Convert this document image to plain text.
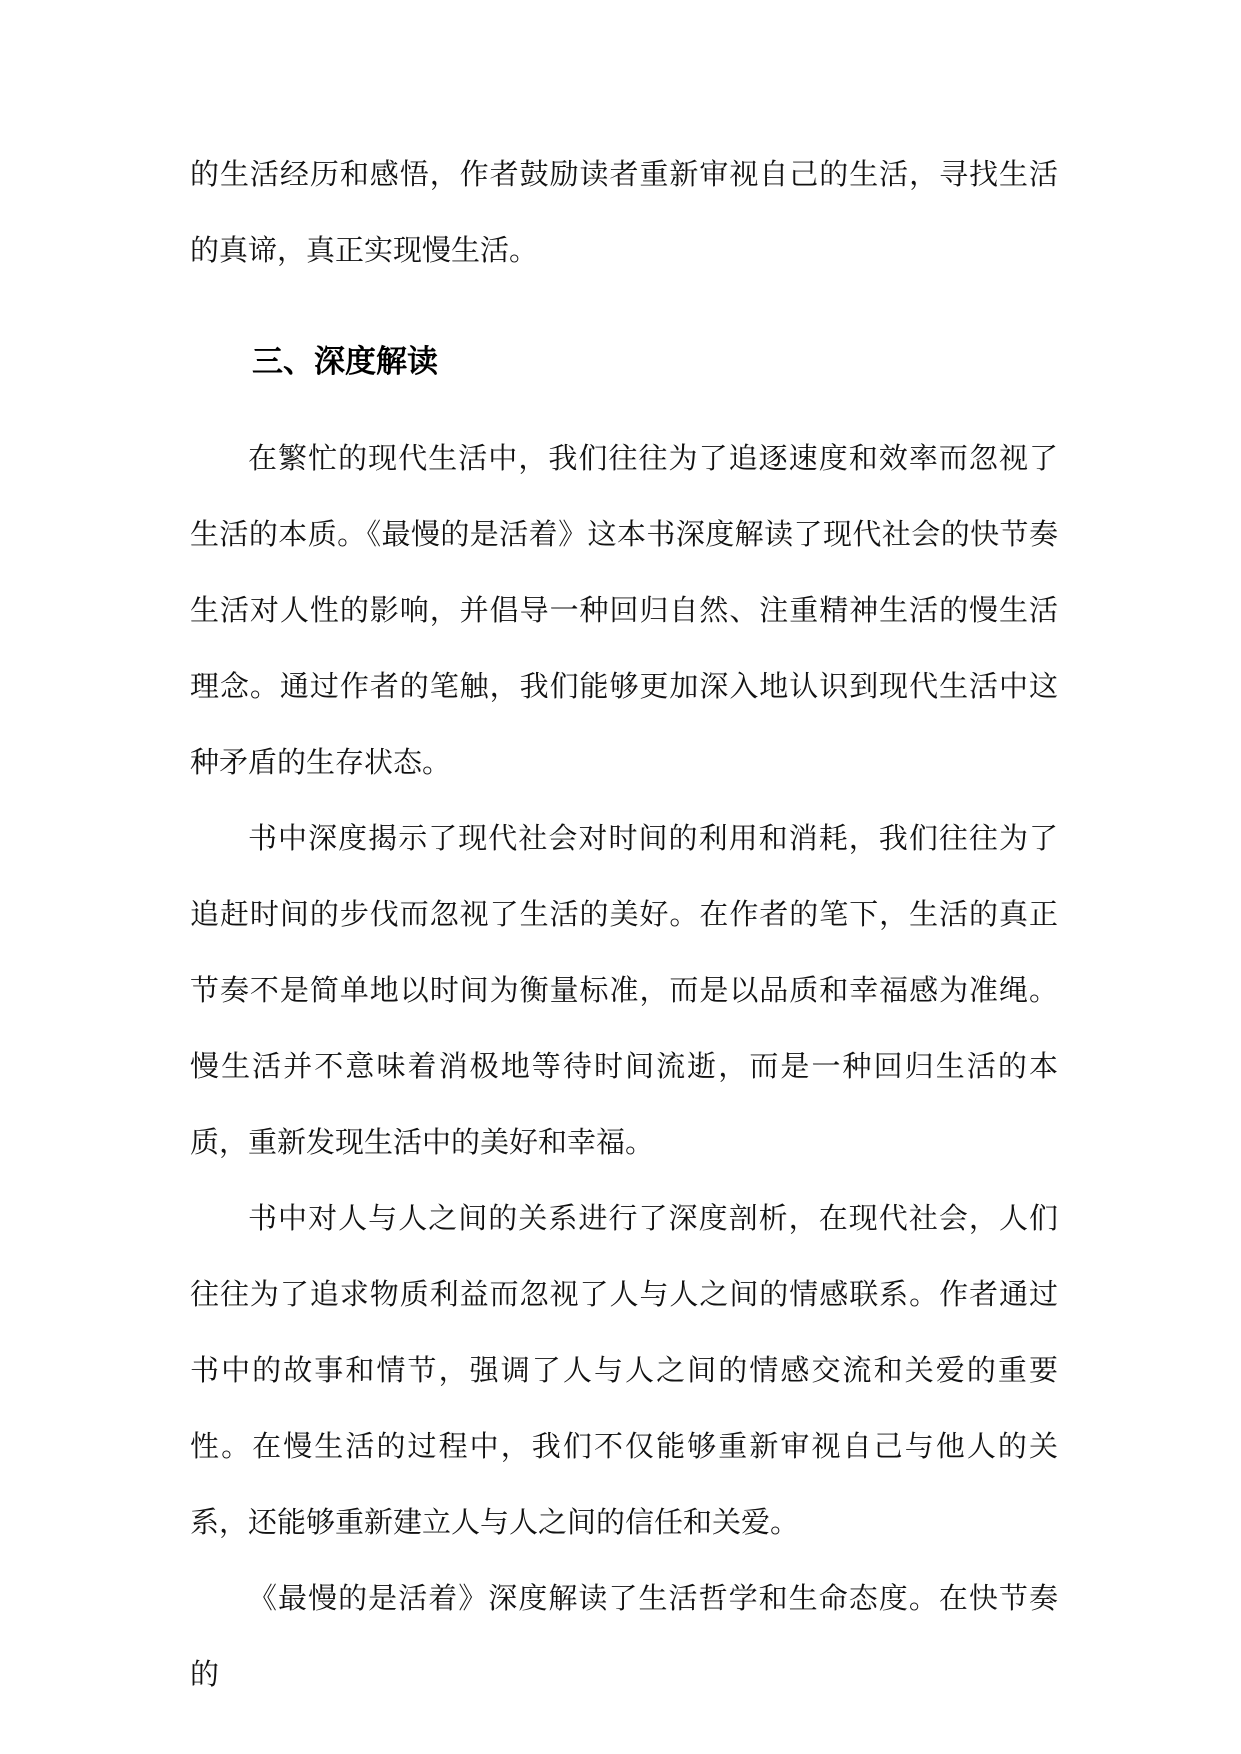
的生活经历和感悟，作者鼓励读者重新审视自己的生活，寻找生活的真谛，真正实现慢生活。

三、深度解读

在繁忙的现代生活中，我们往往为了追逐速度和效率而忽视了生活的本质。《最慢的是活着》这本书深度解读了现代社会的快节奏生活对人性的影响，并倡导一种回归自然、注重精神生活的慢生活理念。通过作者的笔触，我们能够更加深入地认识到现代生活中这种矛盾的生存状态。

书中深度揭示了现代社会对时间的利用和消耗，我们往往为了追赶时间的步伐而忽视了生活的美好。在作者的笔下，生活的真正节奏不是简单地以时间为衡量标准，而是以品质和幸福感为准绳。慢生活并不意味着消极地等待时间流逝，而是一种回归生活的本质，重新发现生活中的美好和幸福。

书中对人与人之间的关系进行了深度剖析，在现代社会，人们往往为了追求物质利益而忽视了人与人之间的情感联系。作者通过书中的故事和情节，强调了人与人之间的情感交流和关爱的重要性。在慢生活的过程中，我们不仅能够重新审视自己与他人的关系，还能够重新建立人与人之间的信任和关爱。

《最慢的是活着》深度解读了生活哲学和生命态度。在快节奏的
